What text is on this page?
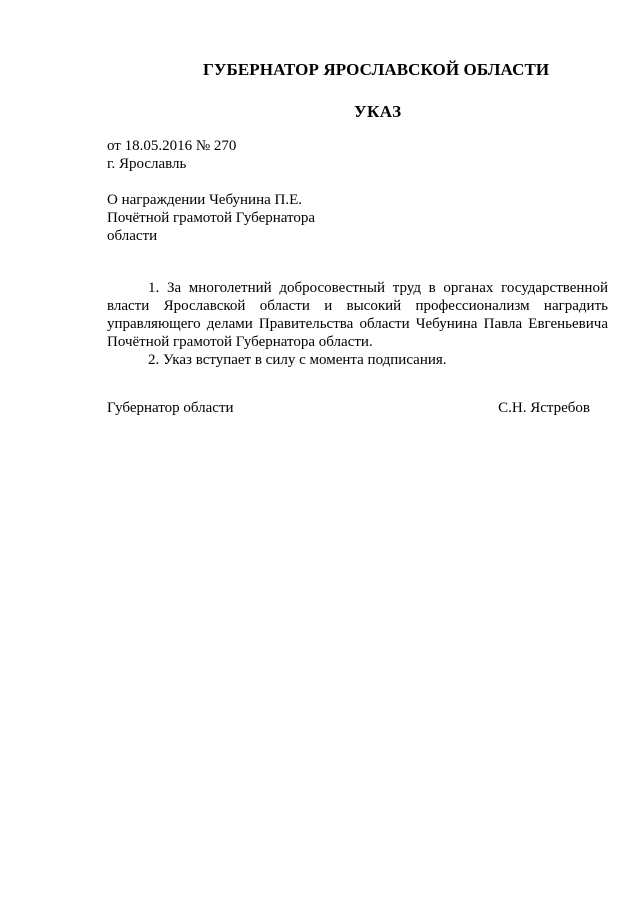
ГУБЕРНАТОР ЯРОСЛАВСКОЙ ОБЛАСТИ
УКАЗ
от 18.05.2016 № 270
г. Ярославль
О награждении Чебунина П.Е.
Почётной грамотой Губернатора
области

1. За многолетний добросовестный труд в органах государственной власти Ярославской области и высокий профессионализм наградить управляющего делами Правительства области Чебунина Павла Евгеньевича Почётной грамотой Губернатора области.

2. Указ вступает в силу с момента подписания.

Губернатор области	С.Н. Ястребов
